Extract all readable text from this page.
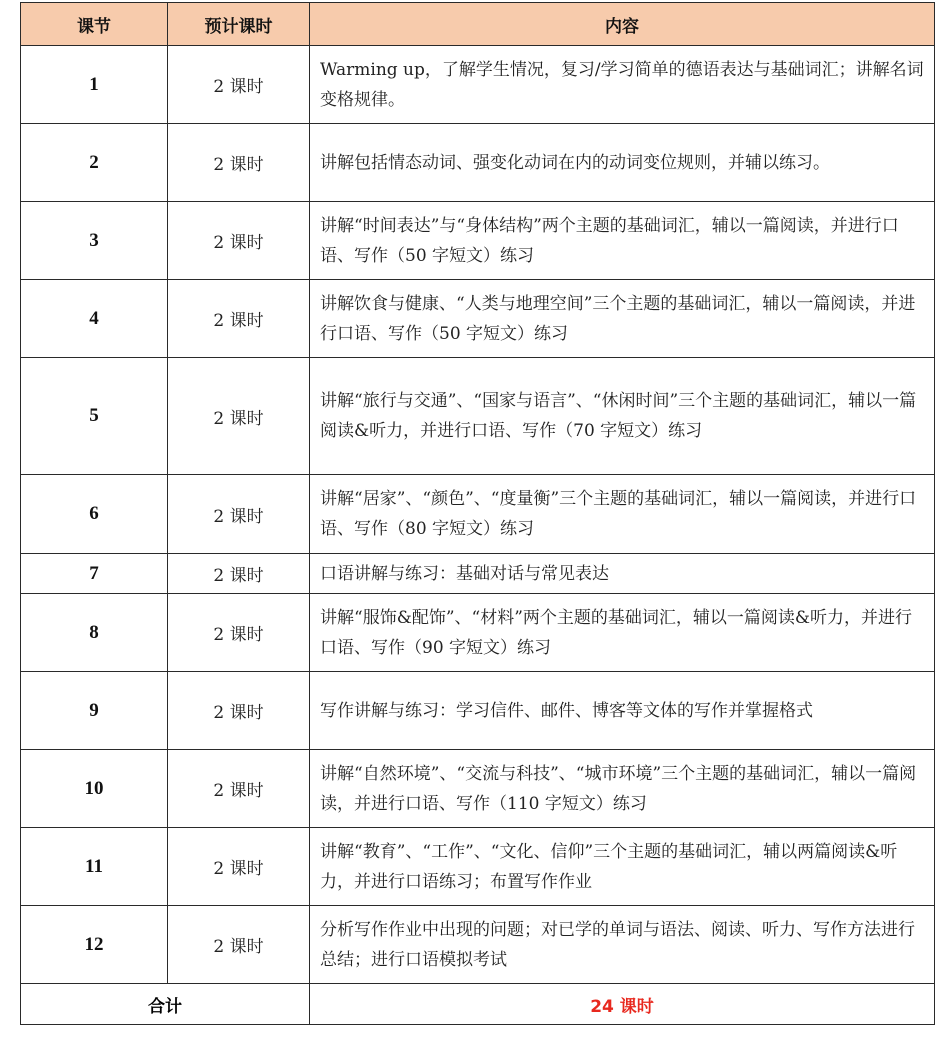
课节	预计课时	内容
1	2 课时	Warming up，了解学生情况，复习/学习简单的德语表达与基础词汇；讲解名词变格规律。
2	2 课时	讲解包括情态动词、强变化动词在内的动词变位规则，并辅以练习。
3	2 课时	讲解“时间表达”与“身体结构”两个主题的基础词汇，辅以一篇阅读，并进行口语、写作（50 字短文）练习
4	2 课时	讲解饮食与健康、“人类与地理空间”三个主题的基础词汇，辅以一篇阅读，并进行口语、写作（50 字短文）练习
5	2 课时	讲解“旅行与交通”、“国家与语言”、“休闲时间”三个主题的基础词汇，辅以一篇阅读&听力，并进行口语、写作（70 字短文）练习
6	2 课时	讲解“居家”、“颜色”、“度量衡”三个主题的基础词汇，辅以一篇阅读，并进行口语、写作（80 字短文）练习
7	2 课时	口语讲解与练习：基础对话与常见表达
8	2 课时	讲解“服饰&配饰”、“材料”两个主题的基础词汇，辅以一篇阅读&听力，并进行口语、写作（90 字短文）练习
9	2 课时	写作讲解与练习：学习信件、邮件、博客等文体的写作并掌握格式
10	2 课时	讲解“自然环境”、“交流与科技”、“城市环境”三个主题的基础词汇，辅以一篇阅读，并进行口语、写作（110 字短文）练习
11	2 课时	讲解“教育”、“工作”、“文化、信仰”三个主题的基础词汇，辅以两篇阅读&听力，并进行口语练习；布置写作作业
12	2 课时	分析写作作业中出现的问题；对已学的单词与语法、阅读、听力、写作方法进行总结；进行口语模拟考试
合计		24 课时
